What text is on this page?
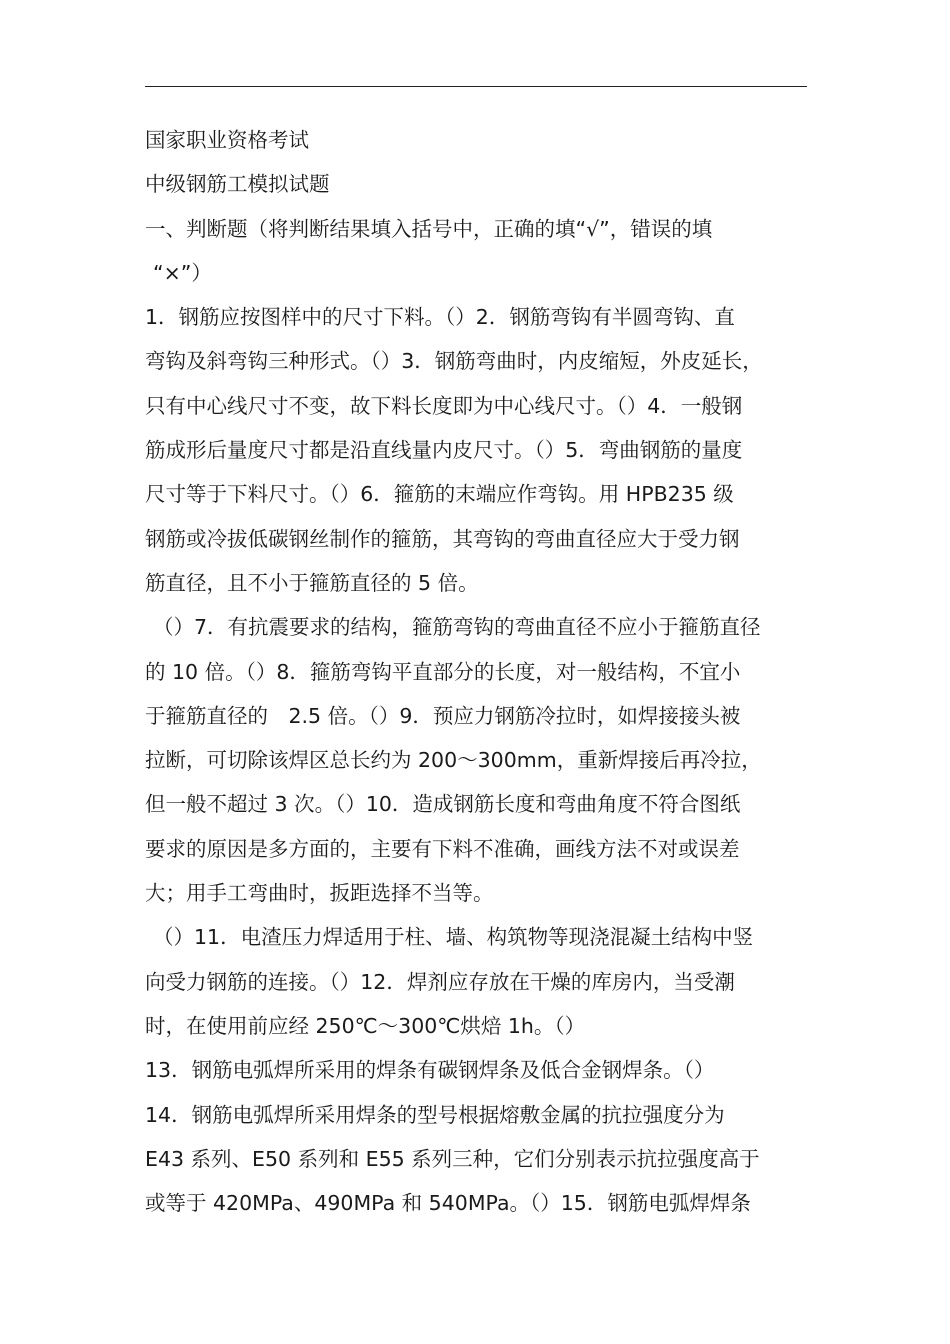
国家职业资格考试
中级钢筋工模拟试题
一、判断题（将判断结果填入括号中，正确的填“√”，错误的填
“×”）
1．钢筋应按图样中的尺寸下料。（）2．钢筋弯钩有半圆弯钩、直
弯钩及斜弯钩三种形式。（）3．钢筋弯曲时，内皮缩短，外皮延长，
只有中心线尺寸不变，故下料长度即为中心线尺寸。（）4．一般钢
筋成形后量度尺寸都是沿直线量内皮尺寸。（）5．弯曲钢筋的量度
尺寸等于下料尺寸。（）6．箍筋的末端应作弯钩。用 HPB235 级
钢筋或冷拔低碳钢丝制作的箍筋，其弯钩的弯曲直径应大于受力钢
筋直径，且不小于箍筋直径的 5 倍。
（）7．有抗震要求的结构，箍筋弯钩的弯曲直径不应小于箍筋直径
的 10 倍。（）8．箍筋弯钩平直部分的长度，对一般结构，不宜小
于箍筋直径的　2.5 倍。（）9．预应力钢筋冷拉时，如焊接接头被
拉断，可切除该焊区总长约为 200～300mm，重新焊接后再冷拉，
但一般不超过 3 次。（）10．造成钢筋长度和弯曲角度不符合图纸
要求的原因是多方面的，主要有下料不准确，画线方法不对或误差
大；用手工弯曲时，扳距选择不当等。
（）11．电渣压力焊适用于柱、墙、构筑物等现浇混凝土结构中竖
向受力钢筋的连接。（）12．焊剂应存放在干燥的库房内，当受潮
时，在使用前应经 250℃～300℃烘焙 1h。（）
13．钢筋电弧焊所采用的焊条有碳钢焊条及低合金钢焊条。（）
14．钢筋电弧焊所采用焊条的型号根据熔敷金属的抗拉强度分为
E43 系列、E50 系列和 E55 系列三种，它们分别表示抗拉强度高于
或等于 420MPa、490MPa 和 540MPa。（）15．钢筋电弧焊焊条
